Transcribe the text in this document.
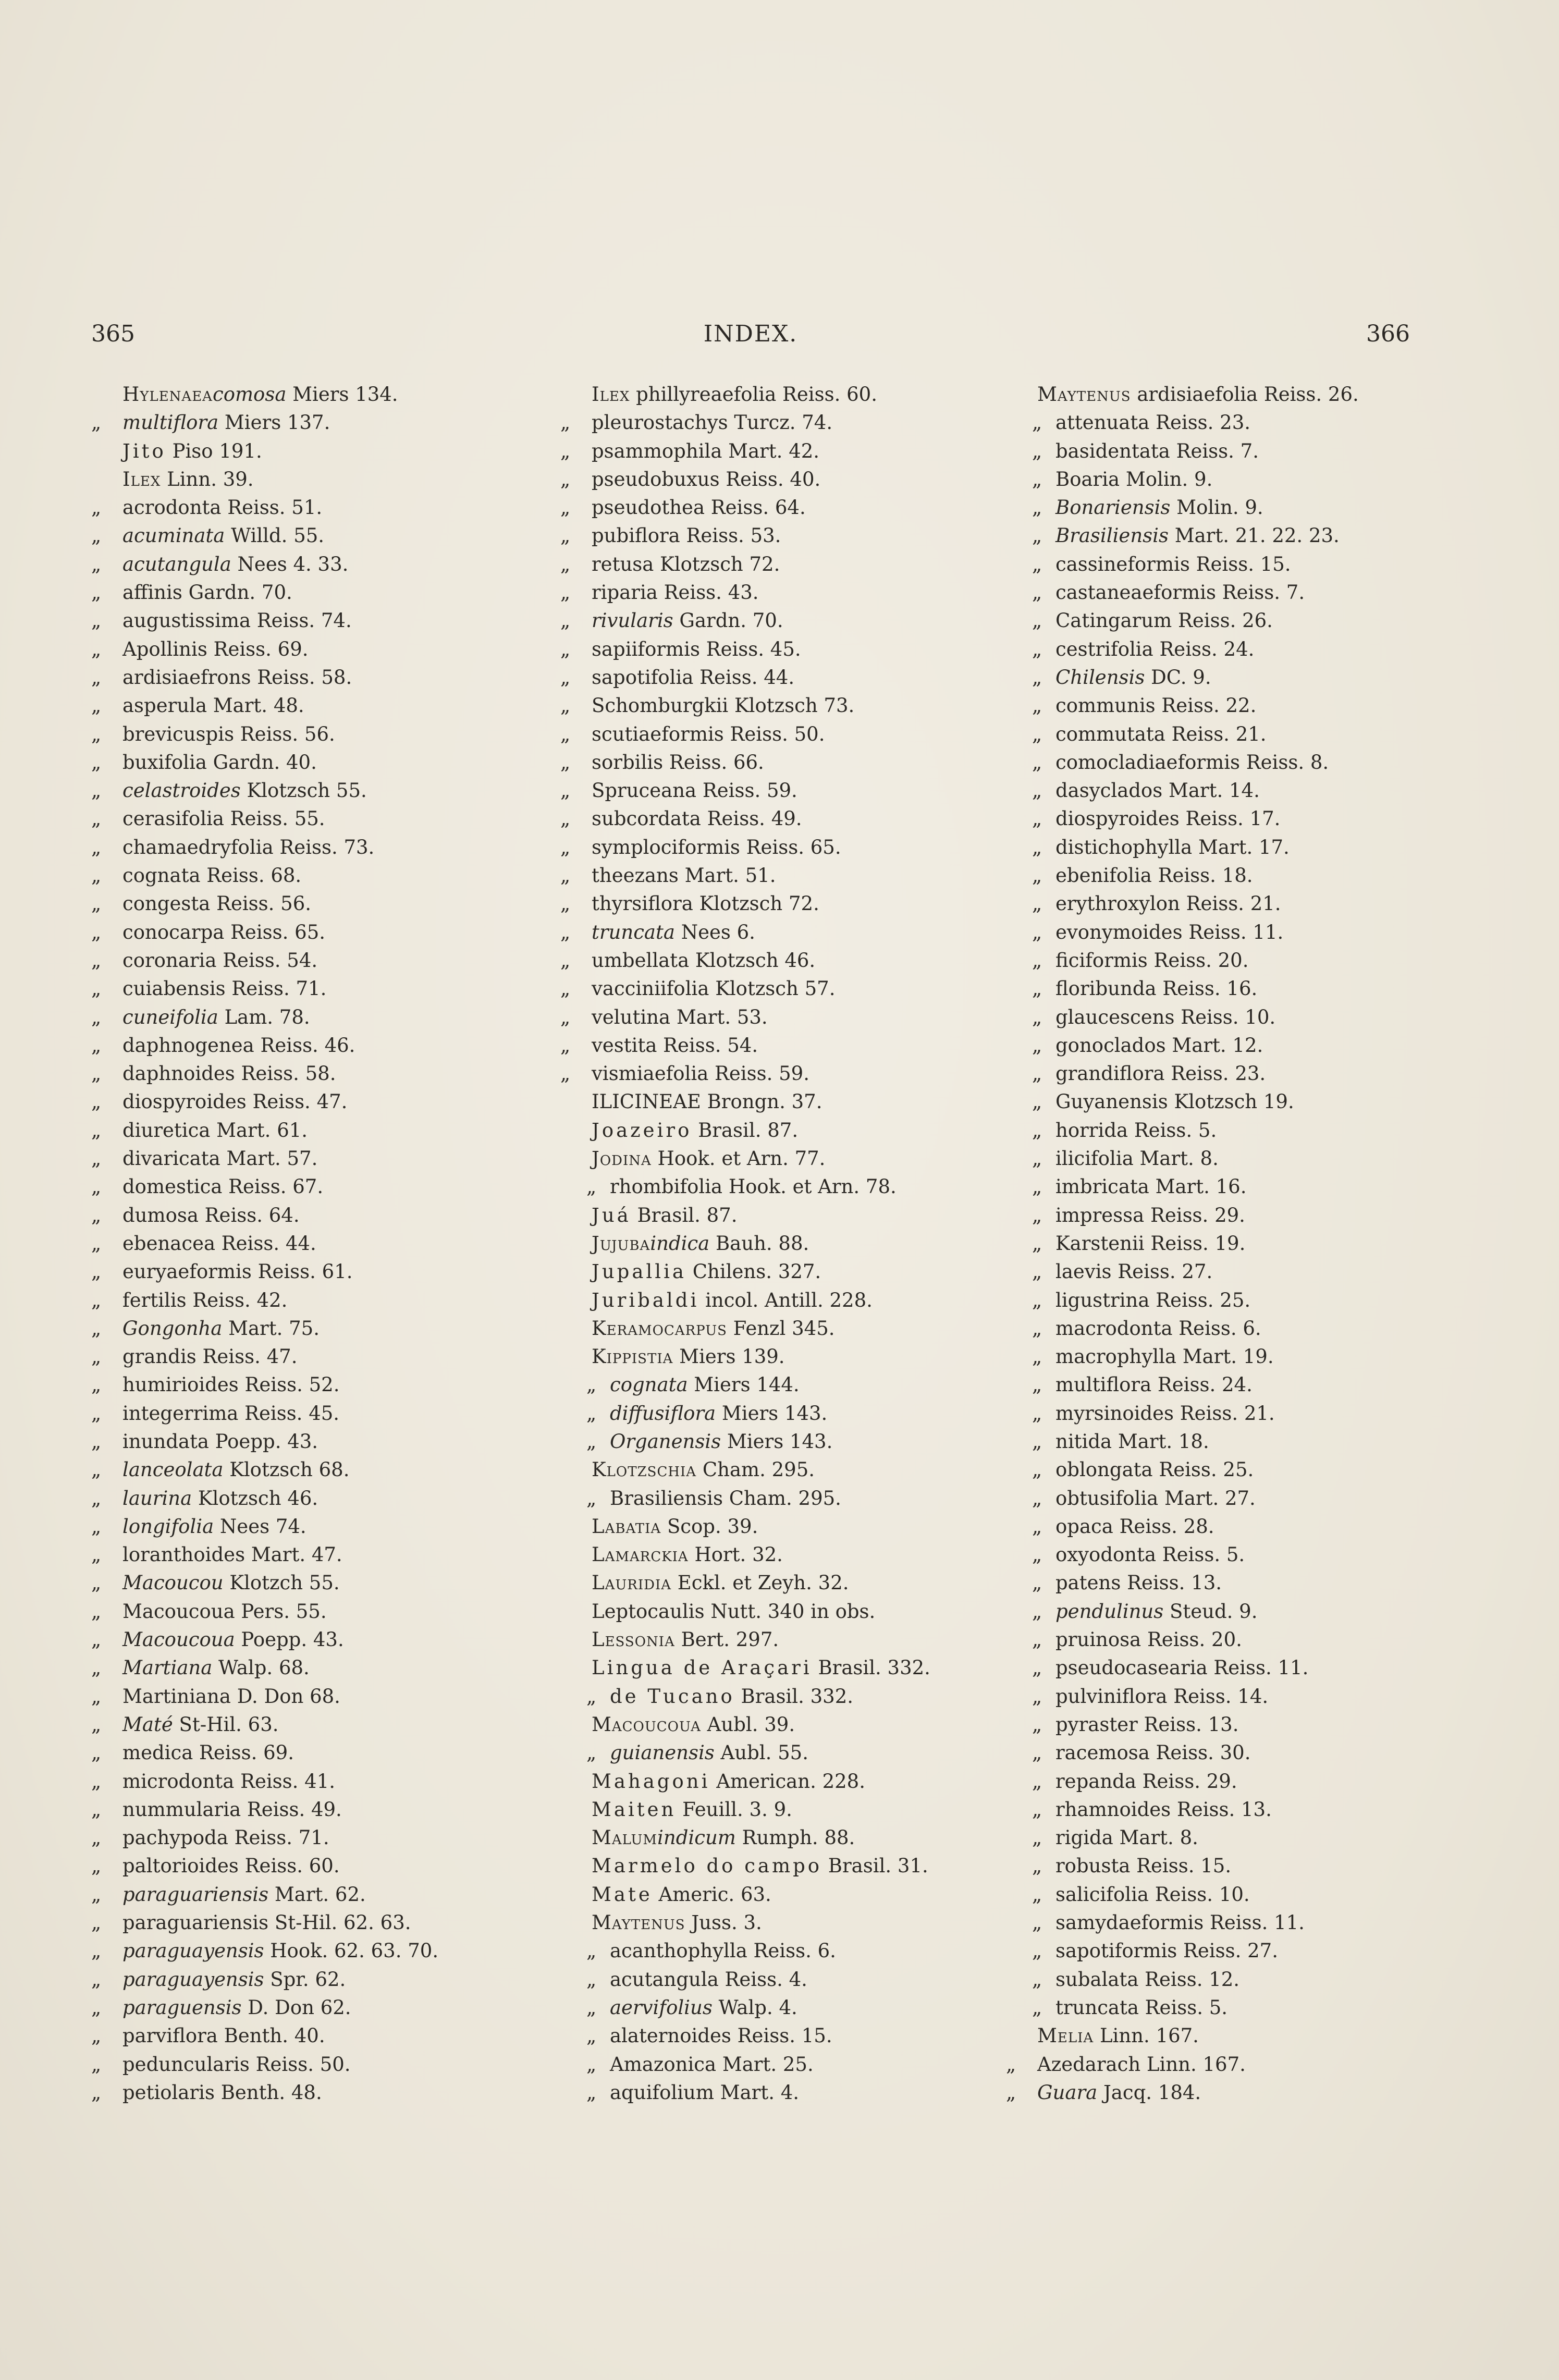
365	INDEX.	366
Hylenaeacomosa Miers 134.
„ multiflora Miers 137.
Jito Piso 191.
Ilex Linn. 39.
„ acrodonta Reiss. 51.
„ acuminata Willd. 55.
„ acutangula Nees 4. 33.
„ affinis Gardn. 70.
„ augustissima Reiss. 74.
„ Apollinis Reiss. 69.
„ ardisiaefrons Reiss. 58.
„ asperula Mart. 48.
„ brevicuspis Reiss. 56.
„ buxifolia Gardn. 40.
„ celastroides Klotzsch 55.
„ cerasifolia Reiss. 55.
„ chamaedryfolia Reiss. 73.
„ cognata Reiss. 68.
„ congesta Reiss. 56.
„ conocarpa Reiss. 65.
„ coronaria Reiss. 54.
„ cuiabensis Reiss. 71.
„ cuneifolia Lam. 78.
„ daphnogenea Reiss. 46.
„ daphnoides Reiss. 58.
„ diospyroides Reiss. 47.
„ diuretica Mart. 61.
„ divaricata Mart. 57.
„ domestica Reiss. 67.
„ dumosa Reiss. 64.
„ ebenacea Reiss. 44.
„ euryaeformis Reiss. 61.
„ fertilis Reiss. 42.
„ Gongonha Mart. 75.
„ grandis Reiss. 47.
„ humirioides Reiss. 52.
„ integerrima Reiss. 45.
„ inundata Poepp. 43.
„ lanceolata Klotzsch 68.
„ laurina Klotzsch 46.
„ longifolia Nees 74.
„ loranthoides Mart. 47.
„ Macoucou Klotzch 55.
„ Macoucoua Pers. 55.
„ Macoucoua Poepp. 43.
„ Martiana Walp. 68.
„ Martiniana D. Don 68.
„ Maté St-Hil. 63.
„ medica Reiss. 69.
„ microdonta Reiss. 41.
„ nummularia Reiss. 49.
„ pachypoda Reiss. 71.
„ paltorioides Reiss. 60.
„ paraguariensis Mart. 62.
„ paraguariensis St-Hil. 62. 63.
„ paraguayensis Hook. 62. 63. 70.
„ paraguayensis Spr. 62.
„ paraguensis D. Don 62.
„ parviflora Benth. 40.
„ peduncularis Reiss. 50.
„ petiolaris Benth. 48.
Ilex phillyreaefolia Reiss. 60.
„ pleurostachys Turcz. 74.
„ psammophila Mart. 42.
„ pseudobuxus Reiss. 40.
„ pseudothea Reiss. 64.
„ pubiflora Reiss. 53.
„ retusa Klotzsch 72.
„ riparia Reiss. 43.
„ rivularis Gardn. 70.
„ sapiiformis Reiss. 45.
„ sapotifolia Reiss. 44.
„ Schomburgkii Klotzsch 73.
„ scutiaeformis Reiss. 50.
„ sorbilis Reiss. 66.
„ Spruceana Reiss. 59.
„ subcordata Reiss. 49.
„ symplociformis Reiss. 65.
„ theezans Mart. 51.
„ thyrsiflora Klotzsch 72.
„ truncata Nees 6.
„ umbellata Klotzsch 46.
„ vacciniifolia Klotzsch 57.
„ velutina Mart. 53.
„ vestita Reiss. 54.
„ vismiaefolia Reiss. 59.
ILICINEAE Brongn. 37.
Joazeiro Brasil. 87.
Jodina Hook. et Arn. 77.
„ rhombifolia Hook. et Arn. 78.
Juá Brasil. 87.
Jujubaindica Bauh. 88.
Jupallia Chilens. 327.
Juribaldi incol. Antill. 228.
Keramocarpus Fenzl 345.
Kippistia Miers 139.
„ cognata Miers 144.
„ diffusiflora Miers 143.
„ Organensis Miers 143.
Klotzschia Cham. 295.
„ Brasiliensis Cham. 295.
Labatia Scop. 39.
Lamarckia Hort. 32.
Lauridia Eckl. et Zeyh. 32.
Leptocaulis Nutt. 340 in obs.
Lessonia Bert. 297.
Lingua de Araçari Brasil. 332.
„ de Tucano Brasil. 332.
Macoucoua Aubl. 39.
„ guianensis Aubl. 55.
Mahagoni American. 228.
Maiten Feuill. 3. 9.
Malumindicum Rumph. 88.
Marmelo do campo Brasil. 31.
Mate Americ. 63.
Maytenus Juss. 3.
„ acanthophylla Reiss. 6.
„ acutangula Reiss. 4.
„ aervifolius Walp. 4.
„ alaternoides Reiss. 15.
„ Amazonica Mart. 25.
„ aquifolium Mart. 4.
Maytenus ardisiaefolia Reiss. 26.
„ attenuata Reiss. 23.
„ basidentata Reiss. 7.
„ Boaria Molin. 9.
„ Bonariensis Molin. 9.
„ Brasiliensis Mart. 21. 22. 23.
„ cassineformis Reiss. 15.
„ castaneaeformis Reiss. 7.
„ Catingarum Reiss. 26.
„ cestrifolia Reiss. 24.
„ Chilensis DC. 9.
„ communis Reiss. 22.
„ commutata Reiss. 21.
„ comocladiaeformis Reiss. 8.
„ dasyclados Mart. 14.
„ diospyroides Reiss. 17.
„ distichophylla Mart. 17.
„ ebenifolia Reiss. 18.
„ erythroxylon Reiss. 21.
„ evonymoides Reiss. 11.
„ ficiformis Reiss. 20.
„ floribunda Reiss. 16.
„ glaucescens Reiss. 10.
„ gonoclados Mart. 12.
„ grandiflora Reiss. 23.
„ Guyanensis Klotzsch 19.
„ horrida Reiss. 5.
„ ilicifolia Mart. 8.
„ imbricata Mart. 16.
„ impressa Reiss. 29.
„ Karstenii Reiss. 19.
„ laevis Reiss. 27.
„ ligustrina Reiss. 25.
„ macrodonta Reiss. 6.
„ macrophylla Mart. 19.
„ multiflora Reiss. 24.
„ myrsinoides Reiss. 21.
„ nitida Mart. 18.
„ oblongata Reiss. 25.
„ obtusifolia Mart. 27.
„ opaca Reiss. 28.
„ oxyodonta Reiss. 5.
„ patens Reiss. 13.
„ pendulinus Steud. 9.
„ pruinosa Reiss. 20.
„ pseudocasearia Reiss. 11.
„ pulviniflora Reiss. 14.
„ pyraster Reiss. 13.
„ racemosa Reiss. 30.
„ repanda Reiss. 29.
„ rhamnoides Reiss. 13.
„ rigida Mart. 8.
„ robusta Reiss. 15.
„ salicifolia Reiss. 10.
„ samydaeformis Reiss. 11.
„ sapotiformis Reiss. 27.
„ subalata Reiss. 12.
„ truncata Reiss. 5.
Melia Linn. 167.
„ Azedarach Linn. 167.
„ Guara Jacq. 184.
